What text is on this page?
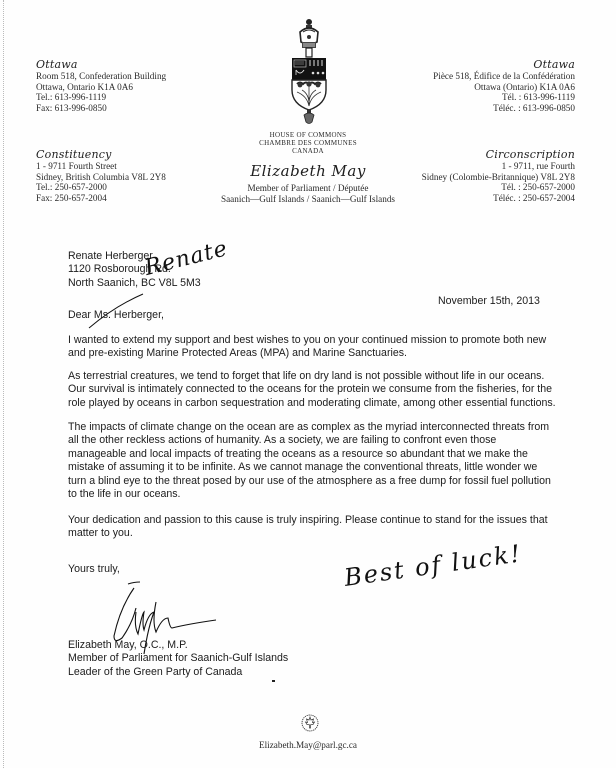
Ottawa
Room 518, Confederation Building
Ottawa, Ontario K1A 0A6
Tel.: 613-996-1119
Fax: 613-996-0850
Ottawa
Pièce 518, Édifice de la Confédération
Ottawa (Ontario) K1A 0A6
Tél. : 613-996-1119
Téléc. : 613-996-0850
Constituency
1 - 9711 Fourth Street
Sidney, British Columbia V8L 2Y8
Tel.: 250-657-2000
Fax: 250-657-2004
Circonscription
1 - 9711, rue Fourth
Sidney (Colombie-Britannique) V8L 2Y8
Tél. : 250-657-2000
Téléc. : 250-657-2004
HOUSE OF COMMONS
CHAMBRE DES COMMUNES
CANADA
Elizabeth May
Member of Parliament / Députée
Saanich—Gulf Islands / Saanich—Gulf Islands
Renate Herberger
1120 Rosborough Rd.
North Saanich, BC V8L 5M3
November 15th, 2013
Dear Ms. Herberger,
Renate
I wanted to extend my support and best wishes to you on your continued mission to promote both new
and pre-existing Marine Protected Areas (MPA) and Marine Sanctuaries.
As terrestrial creatures, we tend to forget that life on dry land is not possible without life in our oceans.
Our survival is intimately connected to the oceans for the protein we consume from the fisheries, for the
role played by oceans in carbon sequestration and moderating climate, among other essential functions.
The impacts of climate change on the ocean are as complex as the myriad interconnected threats from
all the other reckless actions of humanity. As a society, we are failing to confront even those
manageable and local impacts of treating the oceans as a resource so abundant that we make the
mistake of assuming it to be infinite. As we cannot manage the conventional threats, little wonder we
turn a blind eye to the threat posed by our use of the atmosphere as a free dump for fossil fuel pollution
to the life in our oceans.
Your dedication and passion to this cause is truly inspiring. Please continue to stand for the issues that
matter to you.
Yours truly,	Best of luck!
Elizabeth May, O.C., M.P.
Member of Parliament for Saanich-Gulf Islands
Leader of the Green Party of Canada
Elizabeth.May@parl.gc.ca
